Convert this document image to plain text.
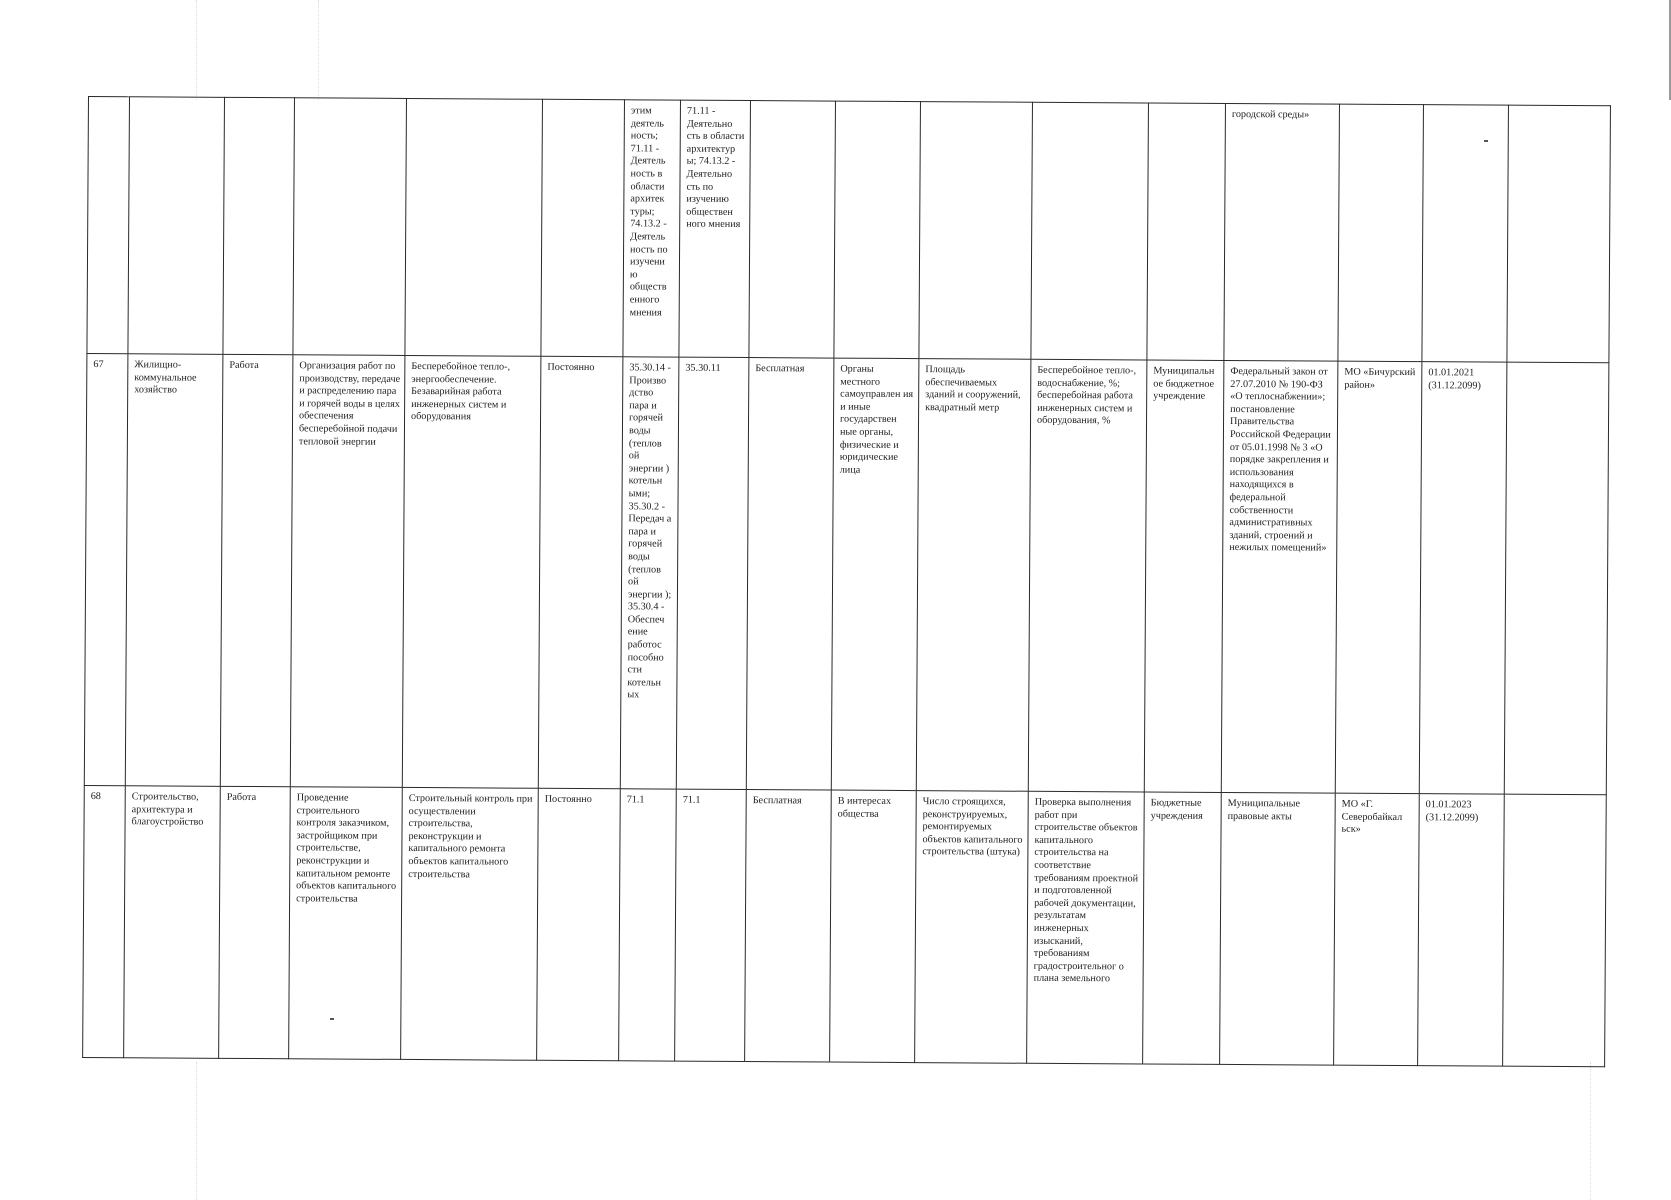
						этим деятель ность; 71.11 - Деятель ность в области архитек туры; 74.13.2 - Деятель ность по изучени ю обществ енного мнения	71.11 - Деятельно сть в области архитектур ы; 74.13.2 - Деятельно сть по изучению обществен ного мнения						городской среды»			
67	Жилищно-коммунальное хозяйство	Работа	Организация работ по производству, передаче и распределению пара и горячей воды в целях обеспечения бесперебойной подачи тепловой энергии	Бесперебойное тепло-, энергообеспечение. Безаварийная работа инженерных систем и оборудования	Постоянно	35.30.14 - Произво дство пара и горячей воды (теплов ой энергии ) котельн ыми; 35.30.2 - Передач а пара и горячей воды (теплов ой энергии ); 35.30.4 - Обеспеч ение работос пособно сти котельн ых	35.30.11	Бесплатная	Органы местного самоуправлен ия и иные государствен ные органы, физические и юридические лица	Площадь обеспечиваемых зданий и сооружений, квадратный метр	Бесперебойное тепло-, водоснабжение, %; бесперебойная работа инженерных систем и оборудования, %	Муниципальн ое бюджетное учреждение	Федеральный закон от 27.07.2010 № 190-ФЗ «О теплоснабжении»; постановление Правительства Российской Федерации от 05.01.1998 № 3 «О порядке закрепления и использования находящихся в федеральной собственности административных зданий, строений и нежилых помещений»	МО «Бичурский район»	01.01.2021 (31.12.2099)	
68	Строительство, архитектура и благоустройство	Работа	Проведение строительного контроля заказчиком, застройщиком при строительстве, реконструкции и капитальном ремонте объектов капитального строительства	Строительный контроль при осуществлении строительства, реконструкции и капитального ремонта объектов капитального строительства	Постоянно	71.1	71.1	Бесплатная	В интересах общества	Число строящихся, реконструируемых, ремонтируемых объектов капитального строительства (штука)	Проверка выполнения работ при строительстве объектов капитального строительства на соответствие требованиям проектной и подготовленной рабочей документации, результатам инженерных изысканий, требованиям градостроительног о плана земельного	Бюджетные учреждения	Муниципальные правовые акты	МО «Г. Северобайкал ьск»	01.01.2023 (31.12.2099)	
